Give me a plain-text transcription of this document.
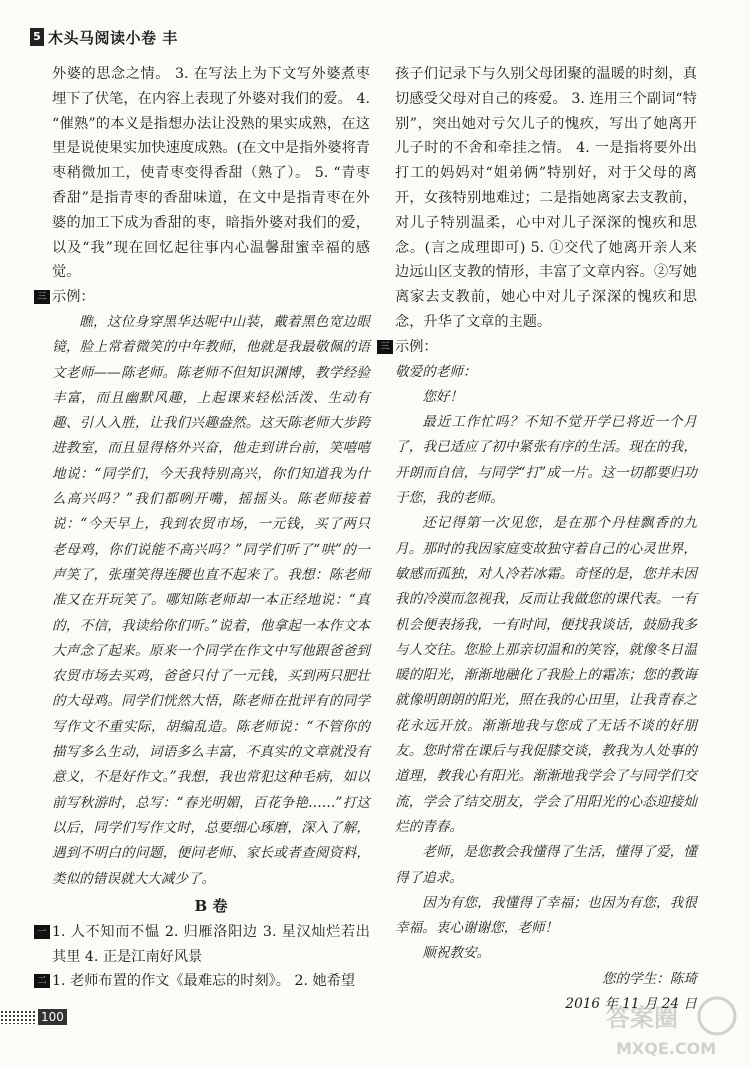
5 木头马阅读小卷 丰

外婆的思念之情。 3. 在写法上为下文写外婆煮枣埋下了伏笔，在内容上表现了外婆对我们的爱。 4. “催熟”的本义是指想办法让没熟的果实成熟，在这里是说使果实加快速度成熟。(在文中是指外婆将青枣稍微加工，使青枣变得香甜（熟了）。 5. “青枣香甜”是指青枣的香甜味道，在文中是指青枣在外婆的加工下成为香甜的枣，暗指外婆对我们的爱，以及“我”现在回忆起往事内心温馨甜蜜幸福的感觉。

三 示例：

瞧，这位身穿黑华达呢中山装，戴着黑色宽边眼镜，脸上常着微笑的中年教师，他就是我最敬佩的语文老师——陈老师。陈老师不但知识渊博，教学经验丰富，而且幽默风趣，上起课来轻松活泼、生动有趣、引人入胜，让我们兴趣盎然。这天陈老师大步跨进教室，而且显得格外兴奋，他走到讲台前，笑嘻嘻地说：“同学们，今天我特别高兴，你们知道我为什么高兴吗？”我们都咧开嘴，摇摇头。陈老师接着说：“今天早上，我到农贸市场，一元钱，买了两只老母鸡，你们说能不高兴吗？”同学们听了“哄”的一声笑了，张瑾笑得连腰也直不起来了。我想：陈老师准又在开玩笑了。哪知陈老师却一本正经地说：“真的，不信，我读给你们听。”说着，他拿起一本作文本大声念了起来。原来一个同学在作文中写他跟爸爸到农贸市场去买鸡，爸爸只付了一元钱，买到两只肥壮的大母鸡。同学们恍然大悟，陈老师在批评有的同学写作文不重实际，胡编乱造。陈老师说：“不管你的描写多么生动，词语多么丰富，不真实的文章就没有意义，不是好作文。”我想，我也常犯这种毛病，如以前写秋游时，总写：“春光明媚，百花争艳……”打这以后，同学们写作文时，总要细心琢磨，深入了解，遇到不明白的问题，便问老师、家长或者查阅资料，类似的错误就大大减少了。

B 卷
一 1. 人不知而不愠 2. 归雁洛阳边 3. 星汉灿烂若出其里 4. 正是江南好风景
二 1. 老师布置的作文《最难忘的时刻》。 2. 她希望

孩子们记录下与久别父母团聚的温暖的时刻，真切感受父母对自己的疼爱。 3. 连用三个副词“特别”，突出她对亏欠儿子的愧疚，写出了她离开儿子时的不舍和牵挂之情。 4. 一是指将要外出打工的妈妈对“姐弟俩”特别好，对于父母的离开，女孩特别地难过；二是指她离家去支教前，对儿子特别温柔，心中对儿子深深的愧疚和思念。(言之成理即可) 5. ①交代了她离开亲人来边远山区支教的情形，丰富了文章内容。②写她离家去支教前，她心中对儿子深深的愧疚和思念，升华了文章的主题。

三 示例：

敬爱的老师：

您好！

最近工作忙吗？不知不觉开学已将近一个月了，我已适应了初中紧张有序的生活。现在的我，开朗而自信，与同学“打”成一片。这一切都要归功于您，我的老师。

还记得第一次见您，是在那个丹桂飘香的九月。那时的我因家庭变故独守着自己的心灵世界，敏感而孤独，对人冷若冰霜。奇怪的是，您并未因我的冷漠而忽视我，反而让我做您的课代表。一有机会便表扬我，一有时间，便找我谈话，鼓励我多与人交往。您脸上那亲切温和的笑容，就像冬日温暖的阳光，渐渐地融化了我脸上的霜冻；您的教诲就像明朗朗的阳光，照在我的心田里，让我青春之花永远开放。渐渐地我与您成了无话不谈的好朋友。您时常在课后与我促膝交谈，教我为人处事的道理，教我心有阳光。渐渐地我学会了与同学们交流，学会了结交朋友，学会了用阳光的心态迎接灿烂的青春。

老师，是您教会我懂得了生活，懂得了爱，懂得了追求。

因为有您，我懂得了幸福；也因为有您，我很幸福。衷心谢谢您，老师！

顺祝教安。

您的学生：陈琦

2016 年 11 月 24 日

100	答案圈
MXQE.COM
